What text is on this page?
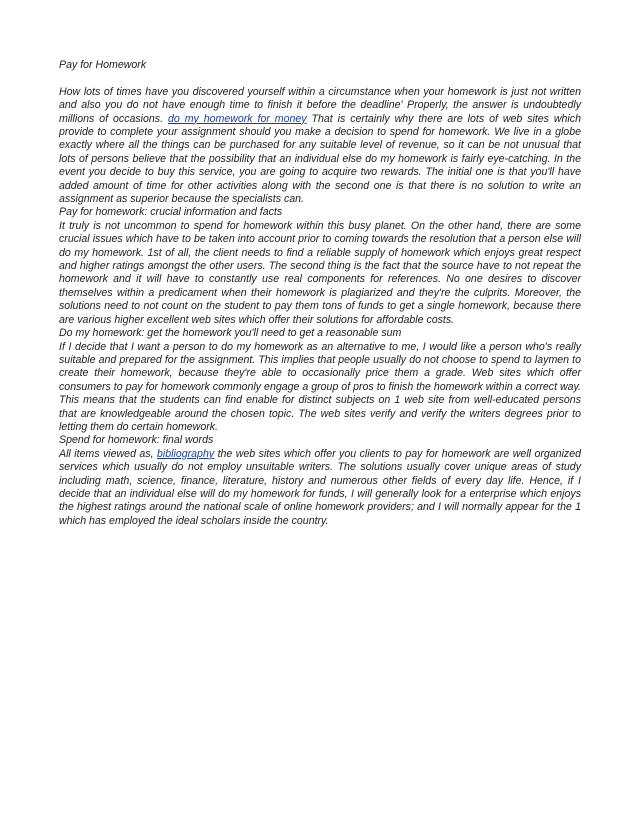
Pay for Homework

How lots of times have you discovered yourself within a circumstance when your homework is just not written and also you do not have enough time to finish it before the deadline' Properly, the answer is undoubtedly millions of occasions. do my homework for money That is certainly why there are lots of web sites which provide to complete your assignment should you make a decision to spend for homework. We live in a globe exactly where all the things can be purchased for any suitable level of revenue, so it can be not unusual that lots of persons believe that the possibility that an individual else do my homework is fairly eye-catching. In the event you decide to buy this service, you are going to acquire two rewards. The initial one is that you'll have added amount of time for other activities along with the second one is that there is no solution to write an assignment as superior because the specialists can.

Pay for homework: crucial information and facts

It truly is not uncommon to spend for homework within this busy planet. On the other hand, there are some crucial issues which have to be taken into account prior to coming towards the resolution that a person else will do my homework. 1st of all, the client needs to find a reliable supply of homework which enjoys great respect and higher ratings amongst the other users. The second thing is the fact that the source have to not repeat the homework and it will have to constantly use real components for references. No one desires to discover themselves within a predicament when their homework is plagiarized and they're the culprits. Moreover, the solutions need to not count on the student to pay them tons of funds to get a single homework, because there are various higher excellent web sites which offer their solutions for affordable costs.

Do my homework: get the homework you'll need to get a reasonable sum

If I decide that I want a person to do my homework as an alternative to me, I would like a person who's really suitable and prepared for the assignment. This implies that people usually do not choose to spend to laymen to create their homework, because they're able to occasionally price them a grade. Web sites which offer consumers to pay for homework commonly engage a group of pros to finish the homework within a correct way. This means that the students can find enable for distinct subjects on 1 web site from well-educated persons that are knowledgeable around the chosen topic. The web sites verify and verify the writers degrees prior to letting them do certain homework.

Spend for homework: final words

All items viewed as, bibliography the web sites which offer you clients to pay for homework are well organized services which usually do not employ unsuitable writers. The solutions usually cover unique areas of study including math, science, finance, literature, history and numerous other fields of every day life. Hence, if I decide that an individual else will do my homework for funds, I will generally look for a enterprise which enjoys the highest ratings around the national scale of online homework providers; and I will normally appear for the 1 which has employed the ideal scholars inside the country.
